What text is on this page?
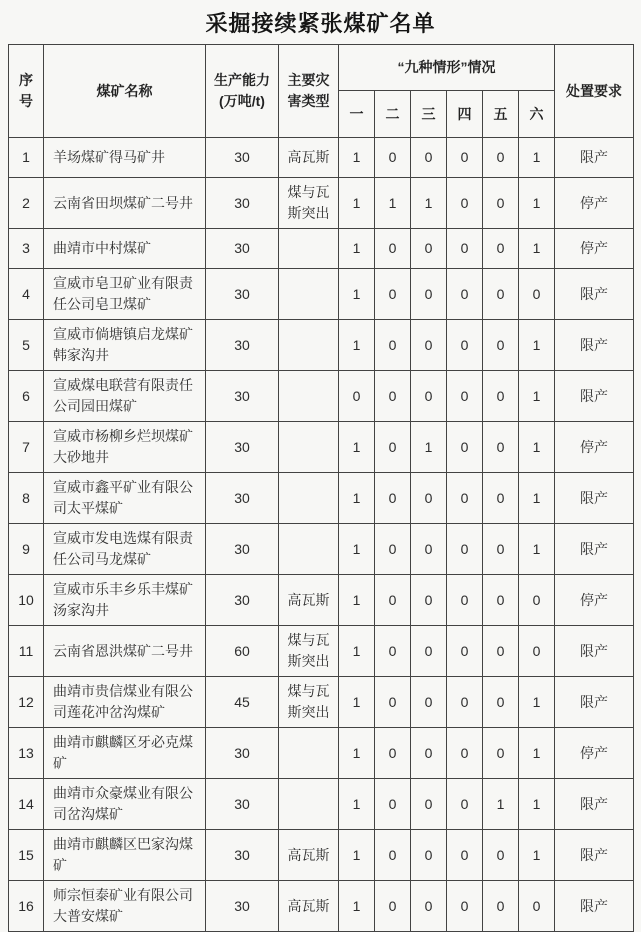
采掘接续紧张煤矿名单
序号	煤矿名称	生产能力(万吨/t)	主要灾害类型	“九种情形”情况						处置要求
				一	二	三	四	五	六	
1	羊场煤矿得马矿井	30	高瓦斯	1	0	0	0	0	1	限产
2	云南省田坝煤矿二号井	30	煤与瓦斯突出	1	1	1	0	0	1	停产
3	曲靖市中村煤矿	30		1	0	0	0	0	1	停产
4	宣威市皂卫矿业有限责任公司皂卫煤矿	30		1	0	0	0	0	0	限产
5	宣威市倘塘镇启龙煤矿韩家沟井	30		1	0	0	0	0	1	限产
6	宣威煤电联营有限责任公司园田煤矿	30		0	0	0	0	0	1	限产
7	宣威市杨柳乡烂坝煤矿大砂地井	30		1	0	1	0	0	1	停产
8	宣威市鑫平矿业有限公司太平煤矿	30		1	0	0	0	0	1	限产
9	宣威市发电选煤有限责任公司马龙煤矿	30		1	0	0	0	0	1	限产
10	宣威市乐丰乡乐丰煤矿汤家沟井	30	高瓦斯	1	0	0	0	0	0	停产
11	云南省恩洪煤矿二号井	60	煤与瓦斯突出	1	0	0	0	0	0	限产
12	曲靖市贵信煤业有限公司莲花冲岔沟煤矿	45	煤与瓦斯突出	1	0	0	0	0	1	限产
13	曲靖市麒麟区牙必克煤矿	30		1	0	0	0	0	1	停产
14	曲靖市众豪煤业有限公司岔沟煤矿	30		1	0	0	0	1	1	限产
15	曲靖市麒麟区巴家沟煤矿	30	高瓦斯	1	0	0	0	0	1	限产
16	师宗恒泰矿业有限公司大普安煤矿	30	高瓦斯	1	0	0	0	0	0	限产
